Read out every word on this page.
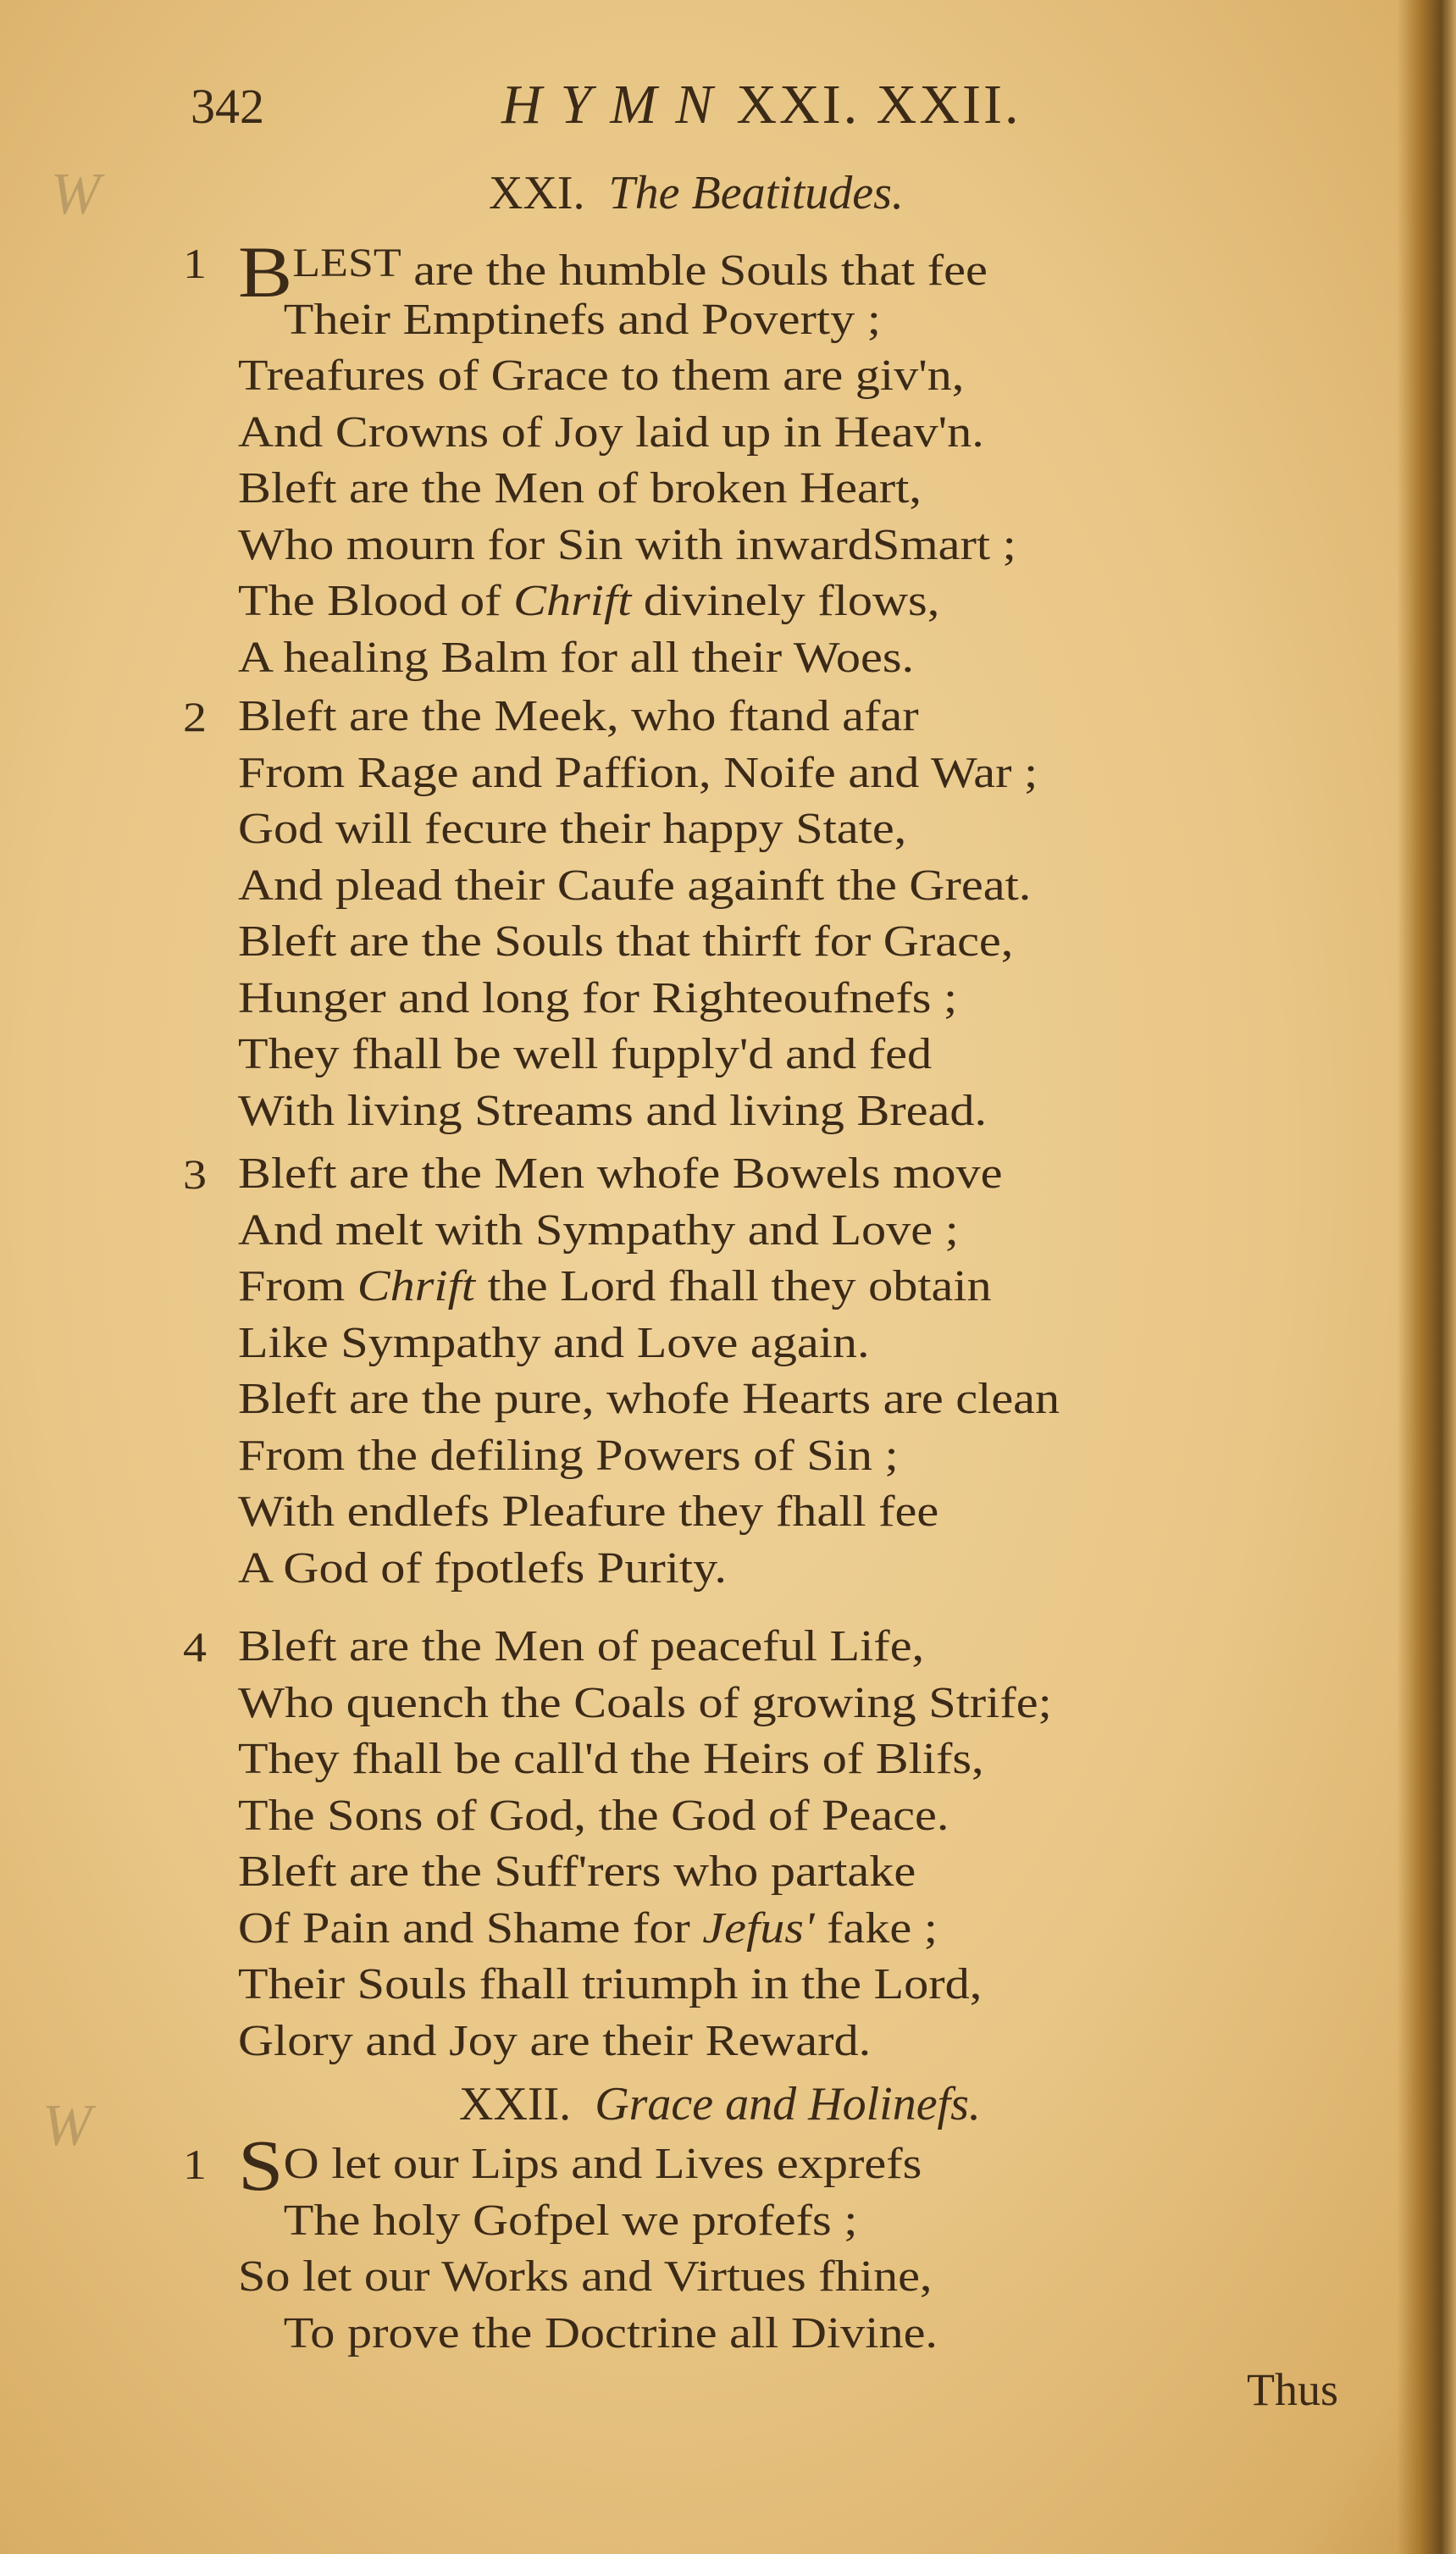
W
W
342	HYMNXXI. XXII.
XXI. The Beatitudes.
1 BLEST are the humble Souls that fee
Their Emptinefs and Poverty ;
Treafures of Grace to them are giv'n,
And Crowns of Joy laid up in Heav'n.
Bleft are the Men of broken Heart,
Who mourn for Sin with inwardSmart ;
The Blood of Chrift divinely flows,
A healing Balm for all their Woes.
2 Bleft are the Meek, who ftand afar
From Rage and Paffion, Noife and War ;
God will fecure their happy State,
And plead their Caufe againft the Great.
Bleft are the Souls that thirft for Grace,
Hunger and long for Righteoufnefs ;
They fhall be well fupply'd and fed
With living Streams and living Bread.
3 Bleft are the Men whofe Bowels move
And melt with Sympathy and Love ;
From Chrift the Lord fhall they obtain
Like Sympathy and Love again.
Bleft are the pure, whofe Hearts are clean
From the defiling Powers of Sin ;
With endlefs Pleafure they fhall fee
A God of fpotlefs Purity.
4 Bleft are the Men of peaceful Life,
Who quench the Coals of growing Strife;
They fhall be call'd the Heirs of Blifs,
The Sons of God, the God of Peace.
Bleft are the Suff'rers who partake
Of Pain and Shame for Jefus' fake ;
Their Souls fhall triumph in the Lord,
Glory and Joy are their Reward.
XXII. Grace and Holinefs.
1 SO let our Lips and Lives exprefs
The holy Gofpel we profefs ;
So let our Works and Virtues fhine,
To prove the Doctrine all Divine.
Thus
